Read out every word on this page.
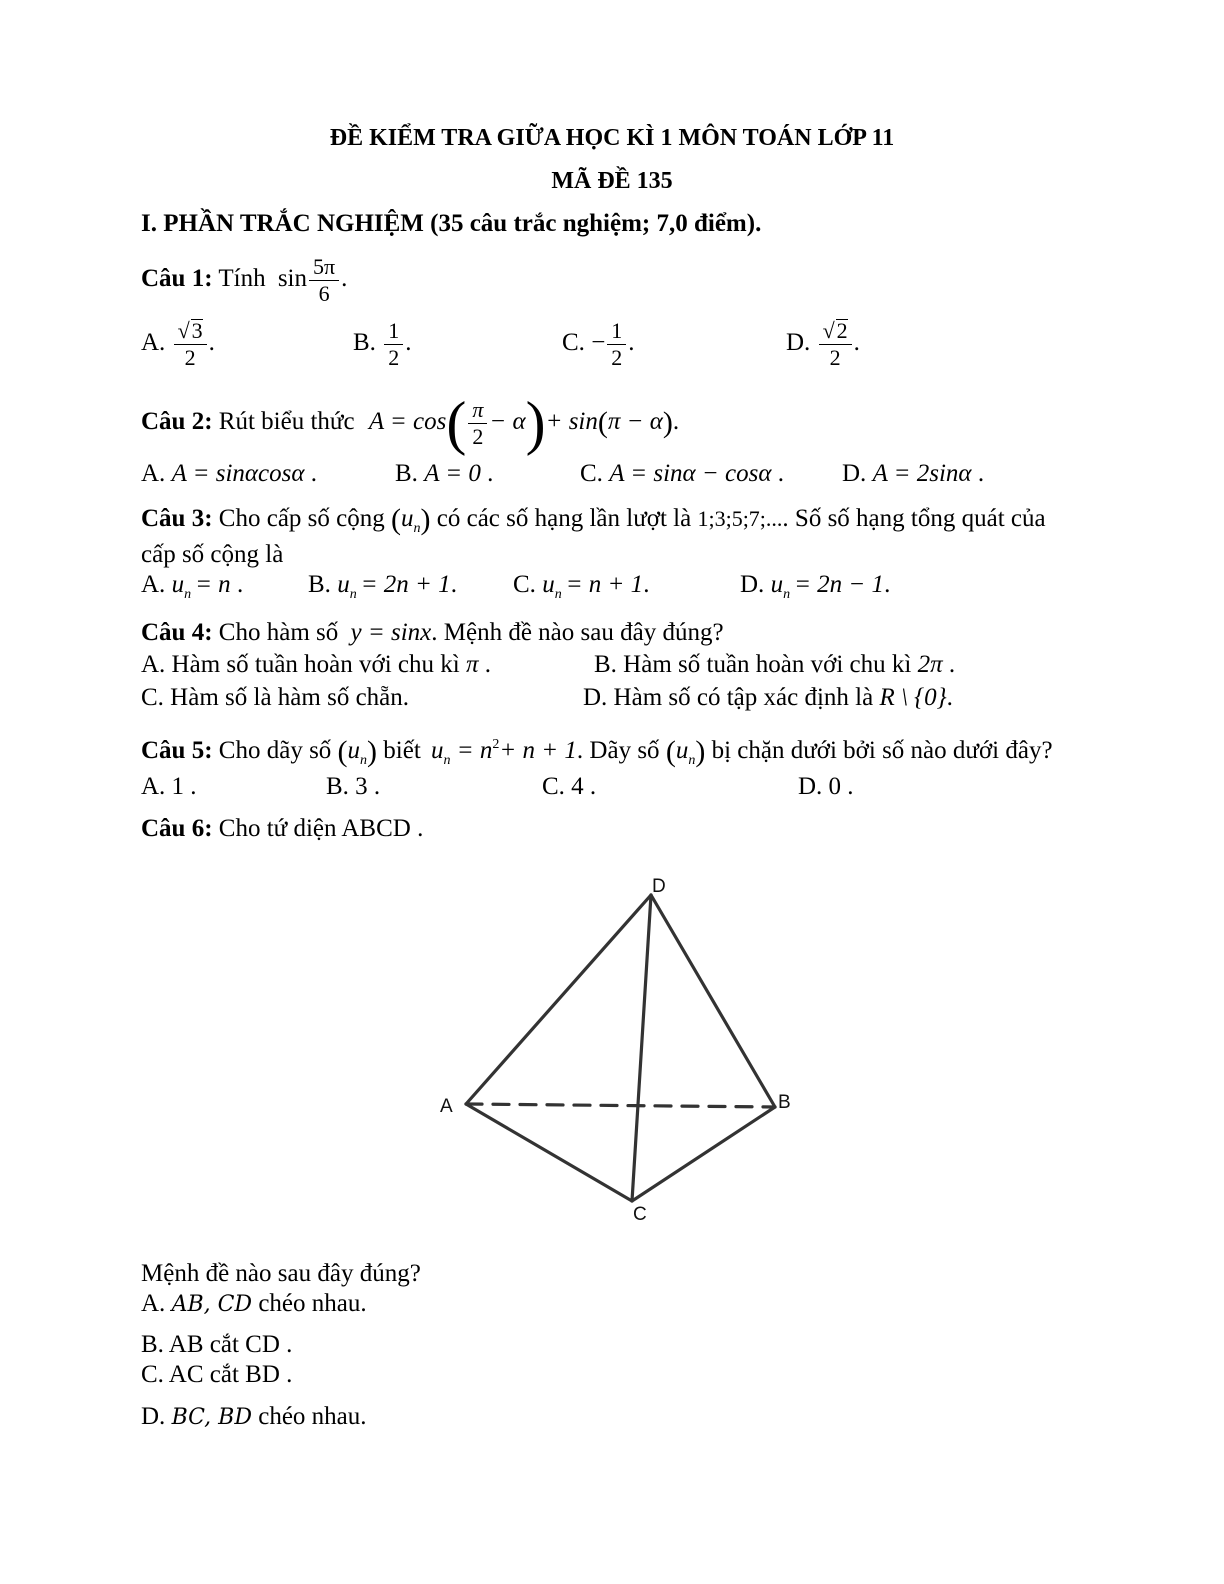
ĐỀ KIỂM TRA GIỮA HỌC KÌ 1 MÔN TOÁN LỚP 11
MÃ ĐỀ 135
I. PHẦN TRẮC NGHIỆM (35 câu trắc nghiệm; 7,0 điểm).
Câu 1: Tính $\sin \frac{5\pi}{6}$ .
A. $\frac{√3}{2}$ .	B. $\frac{1}{2}$ .	C. − $\frac{1}{2}$ .	D. $\frac{√2}{2}$ .
Câu 2: Rút biểu thức $A = \cos( \frac{\pi}{2} - \alpha)+ \sin(\pi - \alpha)$.
A. A = sinαcosα .	B. A = 0 .	C. A = sinα − cosα . D. A = 2sinα .
Câu 3: Cho cấp số cộng $(u_n)$ có các số hạng lần lượt là 1;3;5;7;.... Số số hạng tổng quát của
cấp số cộng là
A. $u_n = n$ .	B. $u_n = 2n + 1$. C. $u_n = n + 1$.	D. $u_n = 2n - 1$.
Câu 4: Cho hàm số y = sinx. Mệnh đề nào sau đây đúng?
A. Hàm số tuần hoàn với chu kì π .	B. Hàm số tuần hoàn với chu kì 2π .
C. Hàm số là hàm số chẵn.	D. Hàm số có tập xác định là R \ {0}.
Câu 5: Cho dãy số $(u_n)$ biết $u_n = n^2+ n + 1$. Dãy số $(u_n)$ bị chặn dưới bởi số nào dưới đây?
A. 1 .	B. 3 .	C. 4 .	D. 0 .
Câu 6: Cho tứ diện ABCD .
D
A	B
C
Mệnh đề nào sau đây đúng?
A. AB, CD chéo nhau.
B. AB cắt CD .
C. AC cắt BD .
D. BC, BD chéo nhau.
